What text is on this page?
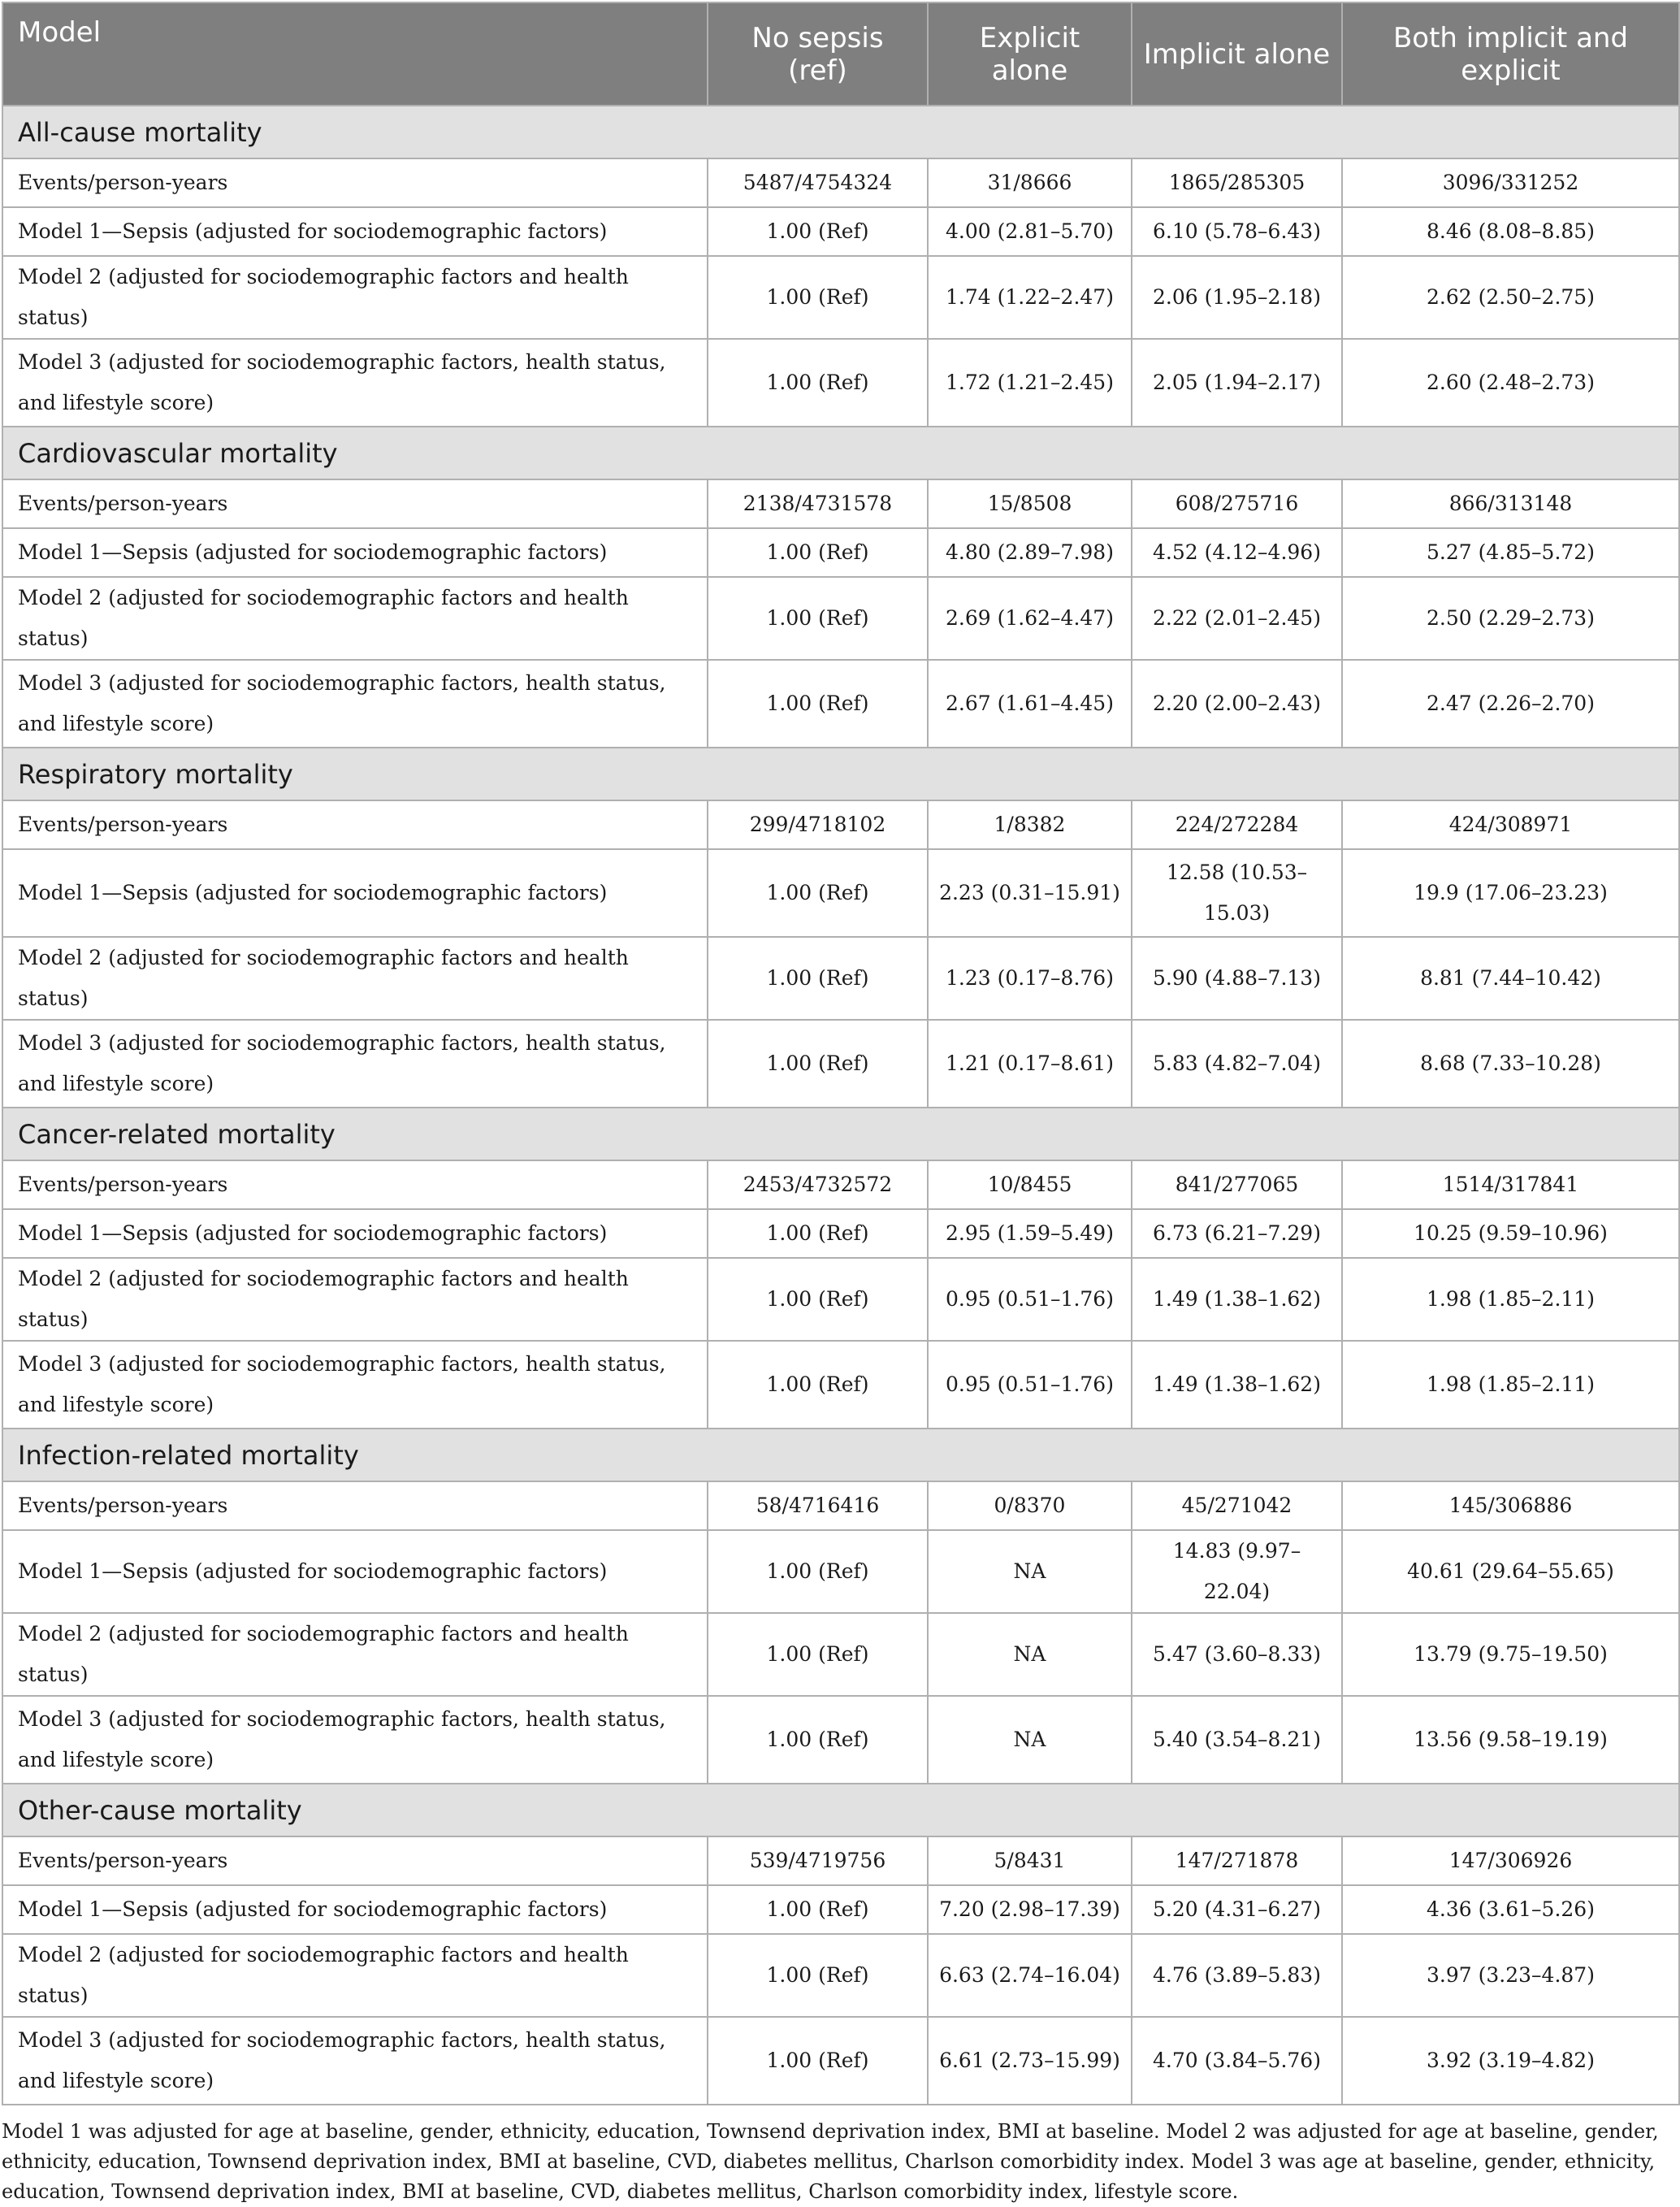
Model	No sepsis (ref)	Explicit alone	Implicit alone	Both implicit and explicit
All-cause mortality				
Events/person-years	5487/4754324	31/8666	1865/285305	3096/331252
Model 1—Sepsis (adjusted for sociodemographic factors)	1.00 (Ref)	4.00 (2.81–5.70)	6.10 (5.78–6.43)	8.46 (8.08–8.85)
Model 2 (adjusted for sociodemographic factors and health status)	1.00 (Ref)	1.74 (1.22–2.47)	2.06 (1.95–2.18)	2.62 (2.50–2.75)
Model 3 (adjusted for sociodemographic factors, health status, and lifestyle score)	1.00 (Ref)	1.72 (1.21–2.45)	2.05 (1.94–2.17)	2.60 (2.48–2.73)
Cardiovascular mortality				
Events/person-years	2138/4731578	15/8508	608/275716	866/313148
Model 1—Sepsis (adjusted for sociodemographic factors)	1.00 (Ref)	4.80 (2.89–7.98)	4.52 (4.12–4.96)	5.27 (4.85–5.72)
Model 2 (adjusted for sociodemographic factors and health status)	1.00 (Ref)	2.69 (1.62–4.47)	2.22 (2.01–2.45)	2.50 (2.29–2.73)
Model 3 (adjusted for sociodemographic factors, health status, and lifestyle score)	1.00 (Ref)	2.67 (1.61–4.45)	2.20 (2.00–2.43)	2.47 (2.26–2.70)
Respiratory mortality				
Events/person-years	299/4718102	1/8382	224/272284	424/308971
Model 1—Sepsis (adjusted for sociodemographic factors)	1.00 (Ref)	2.23 (0.31–15.91)	12.58 (10.53–15.03)	19.9 (17.06–23.23)
Model 2 (adjusted for sociodemographic factors and health status)	1.00 (Ref)	1.23 (0.17–8.76)	5.90 (4.88–7.13)	8.81 (7.44–10.42)
Model 3 (adjusted for sociodemographic factors, health status, and lifestyle score)	1.00 (Ref)	1.21 (0.17–8.61)	5.83 (4.82–7.04)	8.68 (7.33–10.28)
Cancer-related mortality				
Events/person-years	2453/4732572	10/8455	841/277065	1514/317841
Model 1—Sepsis (adjusted for sociodemographic factors)	1.00 (Ref)	2.95 (1.59–5.49)	6.73 (6.21–7.29)	10.25 (9.59–10.96)
Model 2 (adjusted for sociodemographic factors and health status)	1.00 (Ref)	0.95 (0.51–1.76)	1.49 (1.38–1.62)	1.98 (1.85–2.11)
Model 3 (adjusted for sociodemographic factors, health status, and lifestyle score)	1.00 (Ref)	0.95 (0.51–1.76)	1.49 (1.38–1.62)	1.98 (1.85–2.11)
Infection-related mortality				
Events/person-years	58/4716416	0/8370	45/271042	145/306886
Model 1—Sepsis (adjusted for sociodemographic factors)	1.00 (Ref)	NA	14.83 (9.97–22.04)	40.61 (29.64–55.65)
Model 2 (adjusted for sociodemographic factors and health status)	1.00 (Ref)	NA	5.47 (3.60–8.33)	13.79 (9.75–19.50)
Model 3 (adjusted for sociodemographic factors, health status, and lifestyle score)	1.00 (Ref)	NA	5.40 (3.54–8.21)	13.56 (9.58–19.19)
Other-cause mortality				
Events/person-years	539/4719756	5/8431	147/271878	147/306926
Model 1—Sepsis (adjusted for sociodemographic factors)	1.00 (Ref)	7.20 (2.98–17.39)	5.20 (4.31–6.27)	4.36 (3.61–5.26)
Model 2 (adjusted for sociodemographic factors and health status)	1.00 (Ref)	6.63 (2.74–16.04)	4.76 (3.89–5.83)	3.97 (3.23–4.87)
Model 3 (adjusted for sociodemographic factors, health status, and lifestyle score)	1.00 (Ref)	6.61 (2.73–15.99)	4.70 (3.84–5.76)	3.92 (3.19–4.82)
Model 1 was adjusted for age at baseline, gender, ethnicity, education, Townsend deprivation index, BMI at baseline. Model 2 was adjusted for age at baseline, gender, ethnicity, education, Townsend deprivation index, BMI at baseline, CVD, diabetes mellitus, Charlson comorbidity index. Model 3 was age at baseline, gender, ethnicity, education, Townsend deprivation index, BMI at baseline, CVD, diabetes mellitus, Charlson comorbidity index, lifestyle score.
